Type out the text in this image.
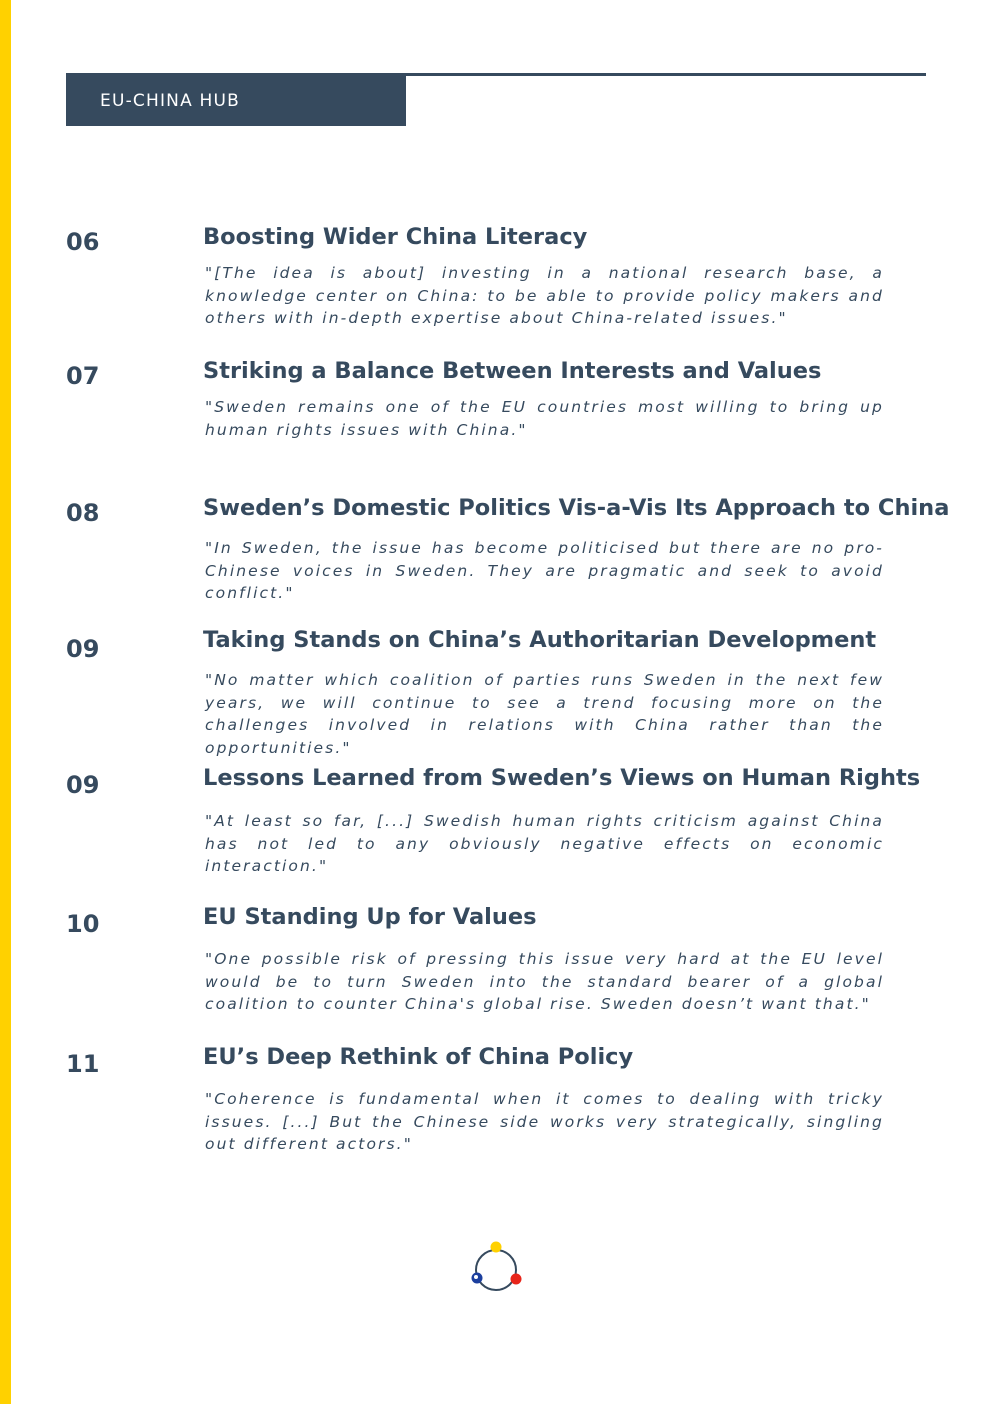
EU-CHINA HUB
06	Boosting Wider China Literacy

"[The idea is about] investing in a national research base, a knowledge center on China: to be able to provide policy makers and others with in-depth expertise about China-related issues."

07	Striking a Balance Between Interests and Values

"Sweden remains one of the EU countries most willing to bring up human rights issues with China."

08	Sweden’s Domestic Politics Vis-a-Vis Its Approach to China

"In Sweden, the issue has become politicised but there are no pro-Chinese voices in Sweden. They are pragmatic and seek to avoid conflict."

09	Taking Stands on China’s Authoritarian Development

"No matter which coalition of parties runs Sweden in the next few years, we will continue to see a trend focusing more on the challenges involved in relations with China rather than the opportunities."

09	Lessons Learned from Sweden’s Views on Human Rights

"At least so far, [...] Swedish human rights criticism against China has not led to any obviously negative effects on economic interaction."

10	EU Standing Up for Values

"One possible risk of pressing this issue very hard at the EU level would be to turn Sweden into the standard bearer of a global coalition to counter China's global rise. Sweden doesn’t want that."

11	EU’s Deep Rethink of China Policy

"Coherence is fundamental when it comes to dealing with tricky issues. [...] But the Chinese side works very strategically, singling out different actors."
